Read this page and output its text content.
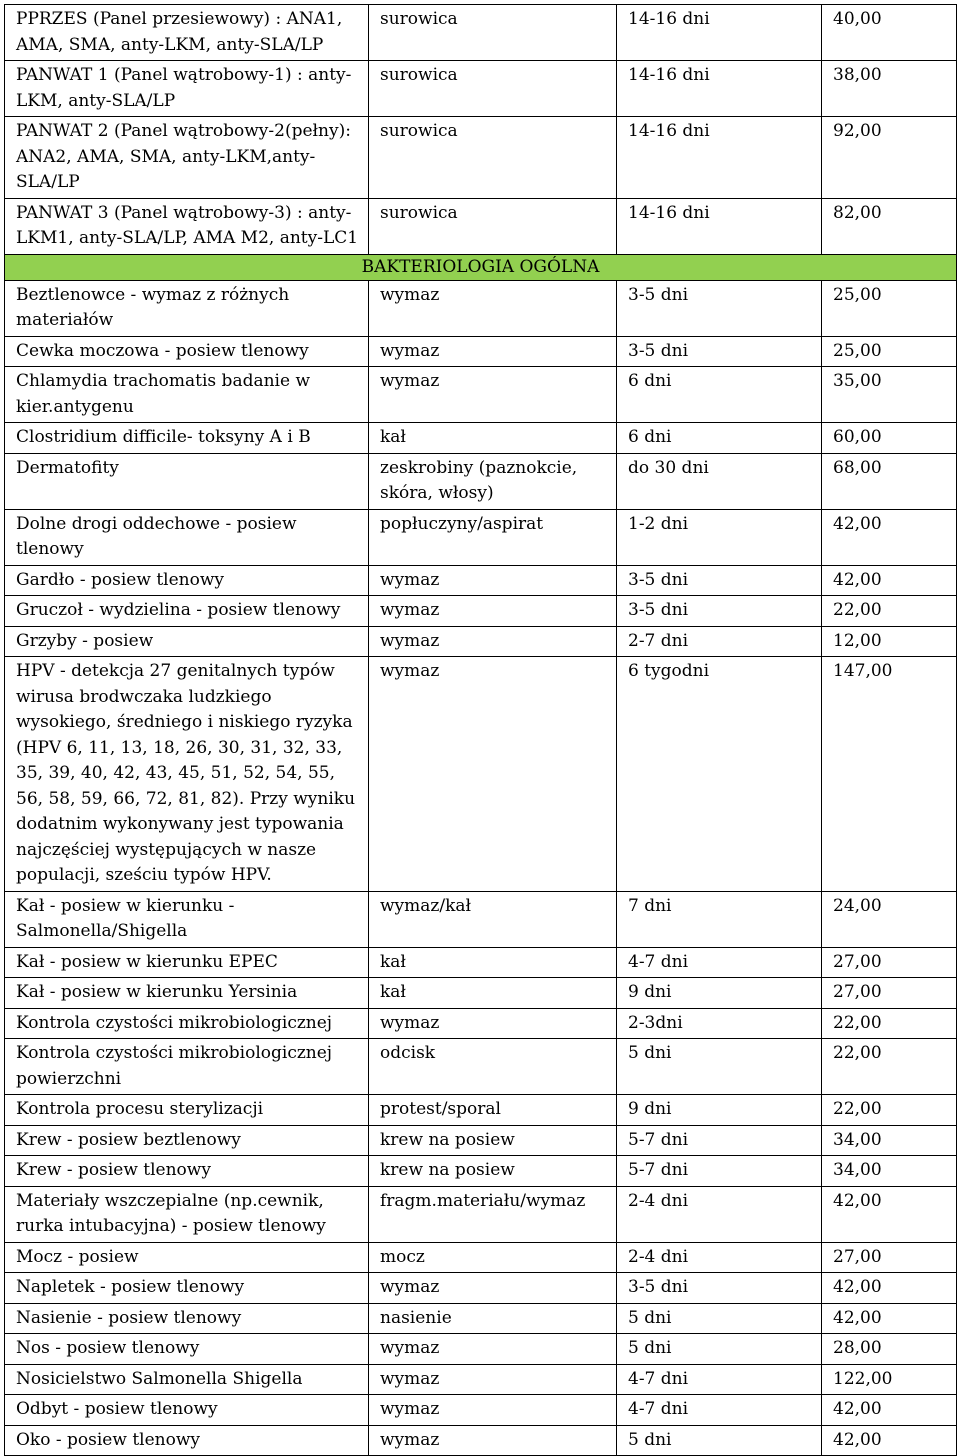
PPRZES (Panel przesiewowy) : ANA1, AMA, SMA, anty-LKM, anty-SLA/LP	surowica	14-16 dni	40,00
PANWAT 1 (Panel wątrobowy-1) : anty-LKM, anty-SLA/LP	surowica	14-16 dni	38,00
PANWAT 2 (Panel wątrobowy-2(pełny): ANA2, AMA, SMA, anty-LKM,anty- SLA/LP	surowica	14-16 dni	92,00
PANWAT 3 (Panel wątrobowy-3) : anty-LKM1, anty-SLA/LP, AMA M2, anty-LC1	surowica	14-16 dni	82,00
BAKTERIOLOGIA OGÓLNA			
Beztlenowce - wymaz z różnych materiałów	wymaz	3-5 dni	25,00
Cewka moczowa - posiew tlenowy	wymaz	3-5 dni	25,00
Chlamydia trachomatis badanie w kier.antygenu	wymaz	6 dni	35,00
Clostridium difficile- toksyny A i B	kał	6 dni	60,00
Dermatofity	zeskrobiny (paznokcie, skóra, włosy)	do 30 dni	68,00
Dolne drogi oddechowe - posiew tlenowy	popłuczyny/aspirat	1-2 dni	42,00
Gardło - posiew tlenowy	wymaz	3-5 dni	42,00
Gruczoł - wydzielina - posiew tlenowy	wymaz	3-5 dni	22,00
Grzyby - posiew	wymaz	2-7 dni	12,00
HPV - detekcja 27 genitalnych typów wirusa brodwczaka ludzkiego wysokiego, średniego i niskiego ryzyka (HPV 6, 11, 13, 18, 26, 30, 31, 32, 33, 35, 39, 40, 42, 43, 45, 51, 52, 54, 55, 56, 58, 59, 66, 72, 81, 82). Przy wyniku dodatnim wykonywany jest typowania najczęściej występujących w nasze populacji, sześciu typów HPV.	wymaz	6 tygodni	147,00
Kał - posiew w kierunku - Salmonella/Shigella	wymaz/kał	7 dni	24,00
Kał - posiew w kierunku EPEC	kał	4-7 dni	27,00
Kał - posiew w kierunku Yersinia	kał	9 dni	27,00
Kontrola czystości mikrobiologicznej	wymaz	2-3dni	22,00
Kontrola czystości mikrobiologicznej powierzchni	odcisk	5 dni	22,00
Kontrola procesu sterylizacji	protest/sporal	9 dni	22,00
Krew - posiew beztlenowy	krew na posiew	5-7 dni	34,00
Krew - posiew tlenowy	krew na posiew	5-7 dni	34,00
Materiały wszczepialne (np.cewnik, rurka intubacyjna) - posiew tlenowy	fragm.materiału/wymaz	2-4 dni	42,00
Mocz - posiew	mocz	2-4 dni	27,00
Napletek - posiew tlenowy	wymaz	3-5 dni	42,00
Nasienie - posiew tlenowy	nasienie	5 dni	42,00
Nos - posiew tlenowy	wymaz	5 dni	28,00
Nosicielstwo Salmonella Shigella	wymaz	4-7 dni	122,00
Odbyt - posiew tlenowy	wymaz	4-7 dni	42,00
Oko - posiew tlenowy	wymaz	5 dni	42,00
